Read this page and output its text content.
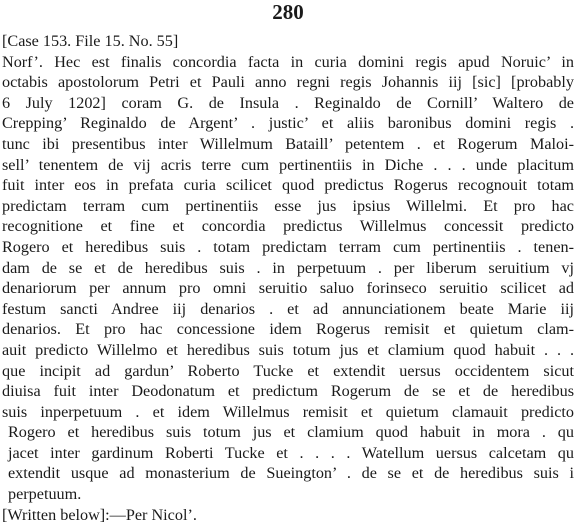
280
[Case 153. File 15. No. 55]
Norf’. Hec est finalis concordia facta in curia domini regis apud Noruic’ in
octabis apostolorum Petri et Pauli anno regni regis Johannis iij [sic] [probably
6 July 1202] coram G. de Insula . Reginaldo de Cornill’ Waltero de
Crepping’ Reginaldo de Argent’ . justic’ et aliis baronibus domini regis .
tunc ibi presentibus inter Willelmum Bataill’ petentem . et Rogerum Maloi-
sell’ tenentem de vij acris terre cum pertinentiis in Diche . . . unde placitum
fuit inter eos in prefata curia scilicet quod predictus Rogerus recognouit totam
predictam terram cum pertinentiis esse jus ipsius Willelmi. Et pro hac
recognitione et fine et concordia predictus Willelmus concessit predicto
Rogero et heredibus suis . totam predictam terram cum pertinentiis . tenen-
dam de se et de heredibus suis . in perpetuum . per liberum seruitium vj
denariorum per annum pro omni seruitio saluo forinseco seruitio scilicet ad
festum sancti Andree iij denarios . et ad annunciationem beate Marie iij
denarios. Et pro hac concessione idem Rogerus remisit et quietum clam-
auit predicto Willelmo et heredibus suis totum jus et clamium quod habuit . . .
que incipit ad gardun’ Roberto Tucke et extendit uersus occidentem sicut
diuisa fuit inter Deodonatum et predictum Rogerum de se et de heredibus
suis inperpetuum . et idem Willelmus remisit et quietum clamauit predicto
Rogero et heredibus suis totum jus et clamium quod habuit in mora . qu
jacet inter gardinum Roberti Tucke et . . . . Watellum uersus calcetam qu
extendit usque ad monasterium de Sueington’ . de se et de heredibus suis i
perpetuum.
[Written below]:—Per Nicol’.
